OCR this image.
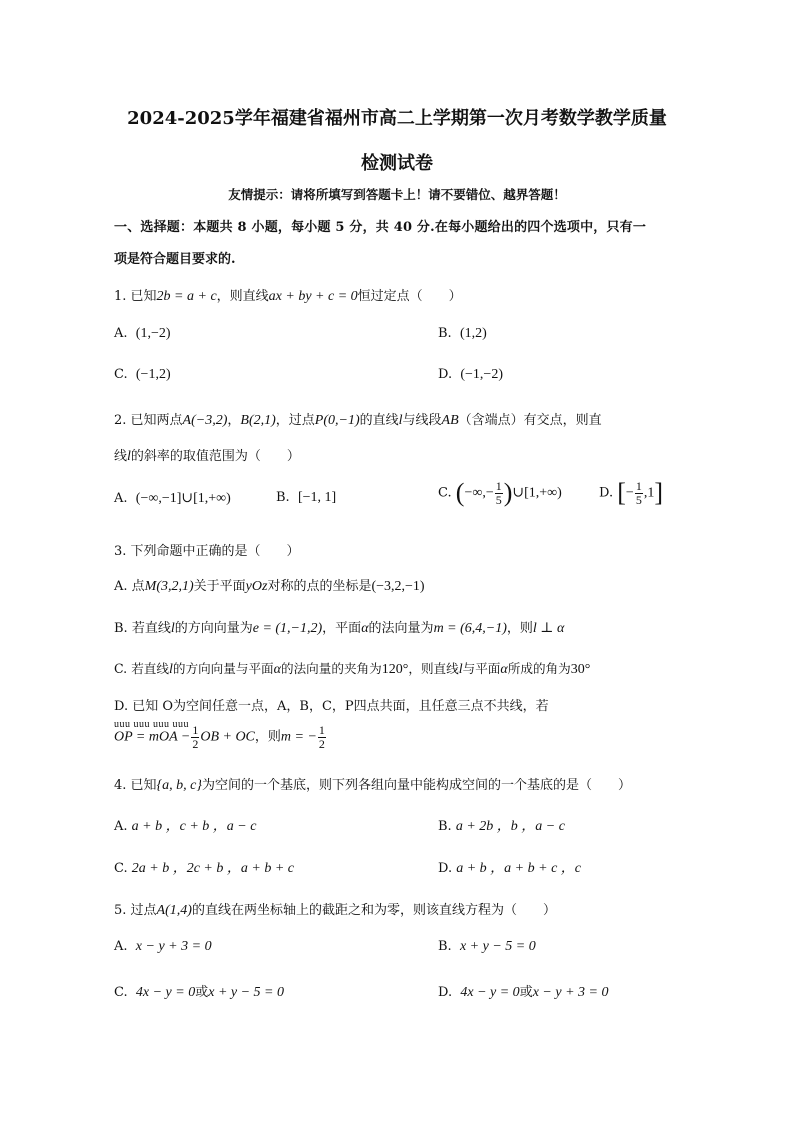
2024-2025学年福建省福州市高二上学期第一次月考数学教学质量
检测试卷
友情提示：请将所填写到答题卡上！请不要错位、越界答题！
一、选择题：本题共 8 小题，每小题 5 分，共 40 分.在每小题给出的四个选项中，只有一
项是符合题目要求的.
1. 已知2b = a + c，则直线ax + by + c = 0恒过定点（　　）
A. (1,−2)	B. (1,2)
C. (−1,2)	D. (−1,−2)
2. 已知两点A(−3,2)，B(2,1)，过点P(0,−1)的直线l与线段AB（含端点）有交点，则直
线l的斜率的取值范围为（　　）
A. (−∞,−1]∪[1,+∞)	B. [−1, 1]	C. (−∞,− $\frac{1}{5}$ )∪[1,+∞)	D. [− $\frac{1}{5} ,1$]
3. 下列命题中正确的是（　　）
A. 点M(3,2,1)关于平面yOz对称的点的坐标是(−3,2,−1)
B. 若直线l的方向向量为e = (1,−1,2)，平面α的法向量为m = (6,4,−1)，则l ⊥ α
C. 若直线l的方向向量与平面α的法向量的夹角为120°，则直线l与平面α所成的角为30°
D. 已知 O为空间任意一点，A，B，C，P四点共面，且任意三点不共线，若
uuu uuu uuu uuu
OP = mOA − $\frac{1}{2}$ OB + OC，则m = − $\frac{1}{2}$
4. 已知{a, b, c}为空间的一个基底，则下列各组向量中能构成空间的一个基底的是（　　）
A. a + b ，c + b ，a − c	B. a + 2b ，b ，a − c
C. 2a + b ，2c + b ，a + b + c	D. a + b ，a + b + c ，c
5. 过点A(1,4)的直线在两坐标轴上的截距之和为零，则该直线方程为（　　）
A. x − y + 3 = 0	B. x + y − 5 = 0
C. 4x − y = 0或x + y − 5 = 0	D. 4x − y = 0或x − y + 3 = 0
